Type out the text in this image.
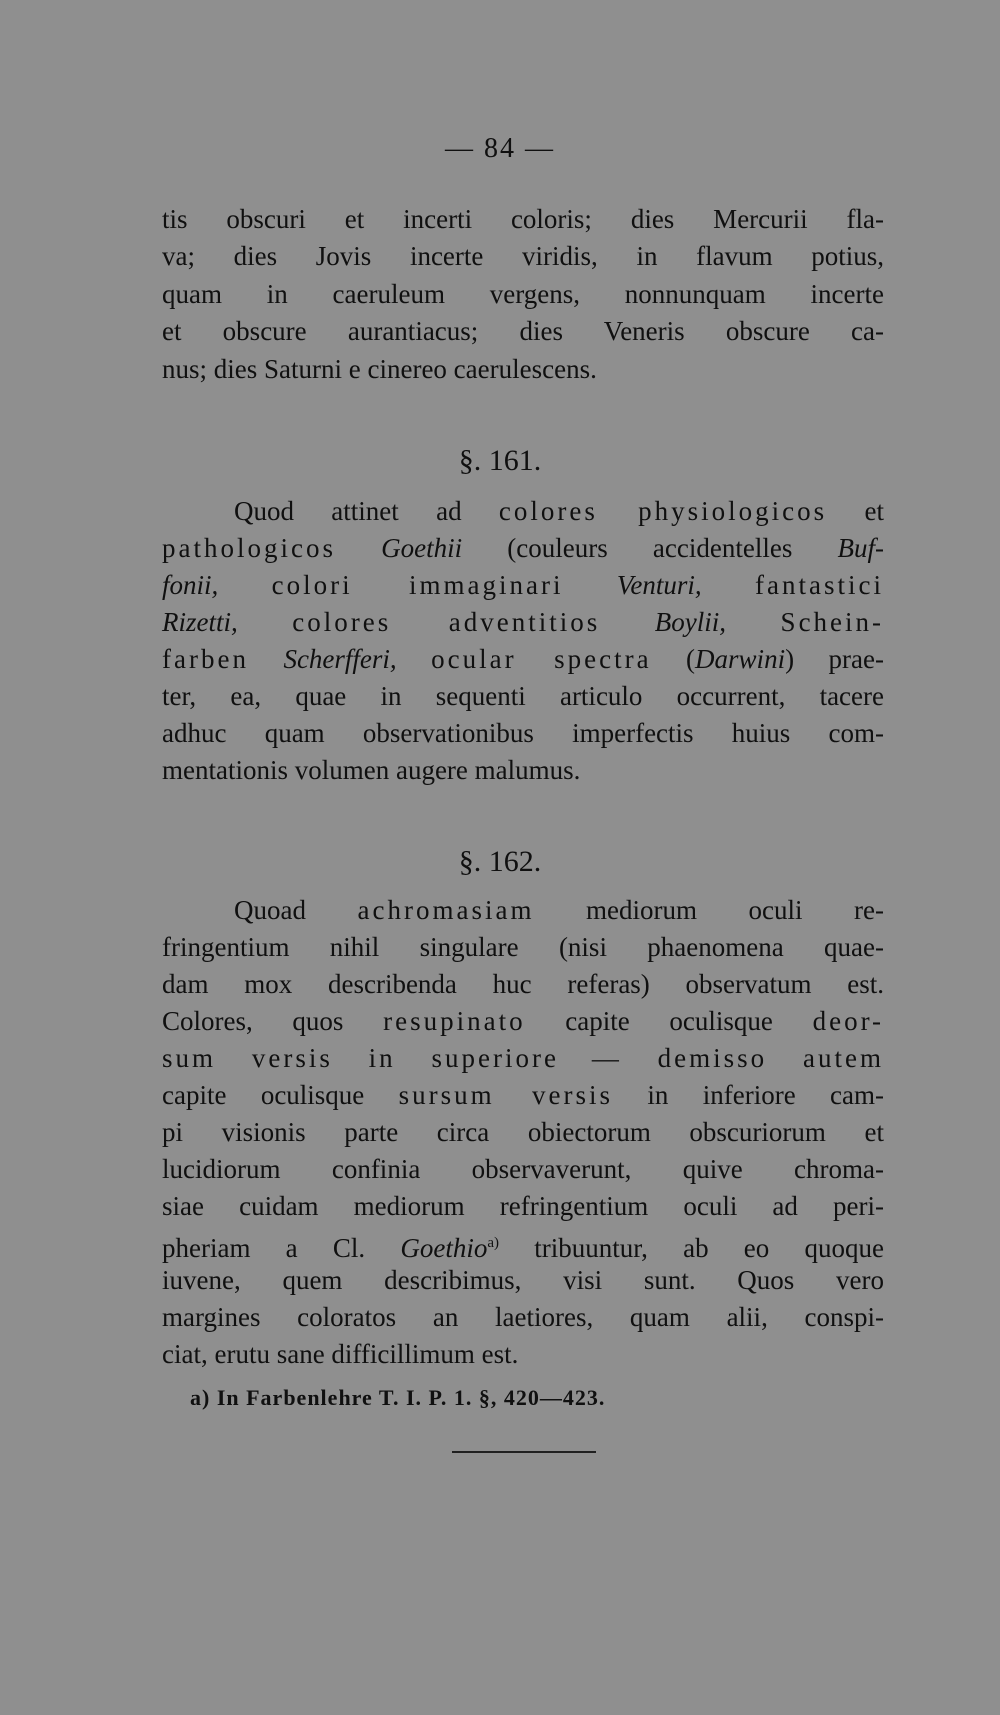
— 84 —
tis obscuri et incerti coloris; dies Mercurii fla-
va; dies Jovis incerte viridis, in flavum potius,
quam in caeruleum vergens, nonnunquam incerte
et obscure aurantiacus; dies Veneris obscure ca-
nus; dies Saturni e cinereo caerulescens.
§. 161.
Quod attinet ad colores physiologicos et
pathologicos Goethii (couleurs accidentelles Buf-
fonii, colori immaginari Venturi, fantastici
Rizetti, colores adventitios Boylii, Schein-
farben Scherfferi, ocular spectra (Darwini) prae-
ter, ea, quae in sequenti articulo occurrent, tacere
adhuc quam observationibus imperfectis huius com-
mentationis volumen augere malumus.
§. 162.
Quoad achromasiam mediorum oculi re-
fringentium nihil singulare (nisi phaenomena quae-
dam mox describenda huc referas) observatum est.
Colores, quos resupinato capite oculisque deor-
sum versis in superiore — demisso autem
capite oculisque sursum versis in inferiore cam-
pi visionis parte circa obiectorum obscuriorum et
lucidiorum confinia observaverunt, quive chroma-
siae cuidam mediorum refringentium oculi ad peri-
pheriam a Cl. Goethio$^{a)}$ tribuuntur, ab eo quoque
iuvene, quem describimus, visi sunt. Quos vero
margines coloratos an laetiores, quam alii, conspi-
ciat, erutu sane difficillimum est.
a) In Farbenlehre T. I. P. 1. §, 420—423.
